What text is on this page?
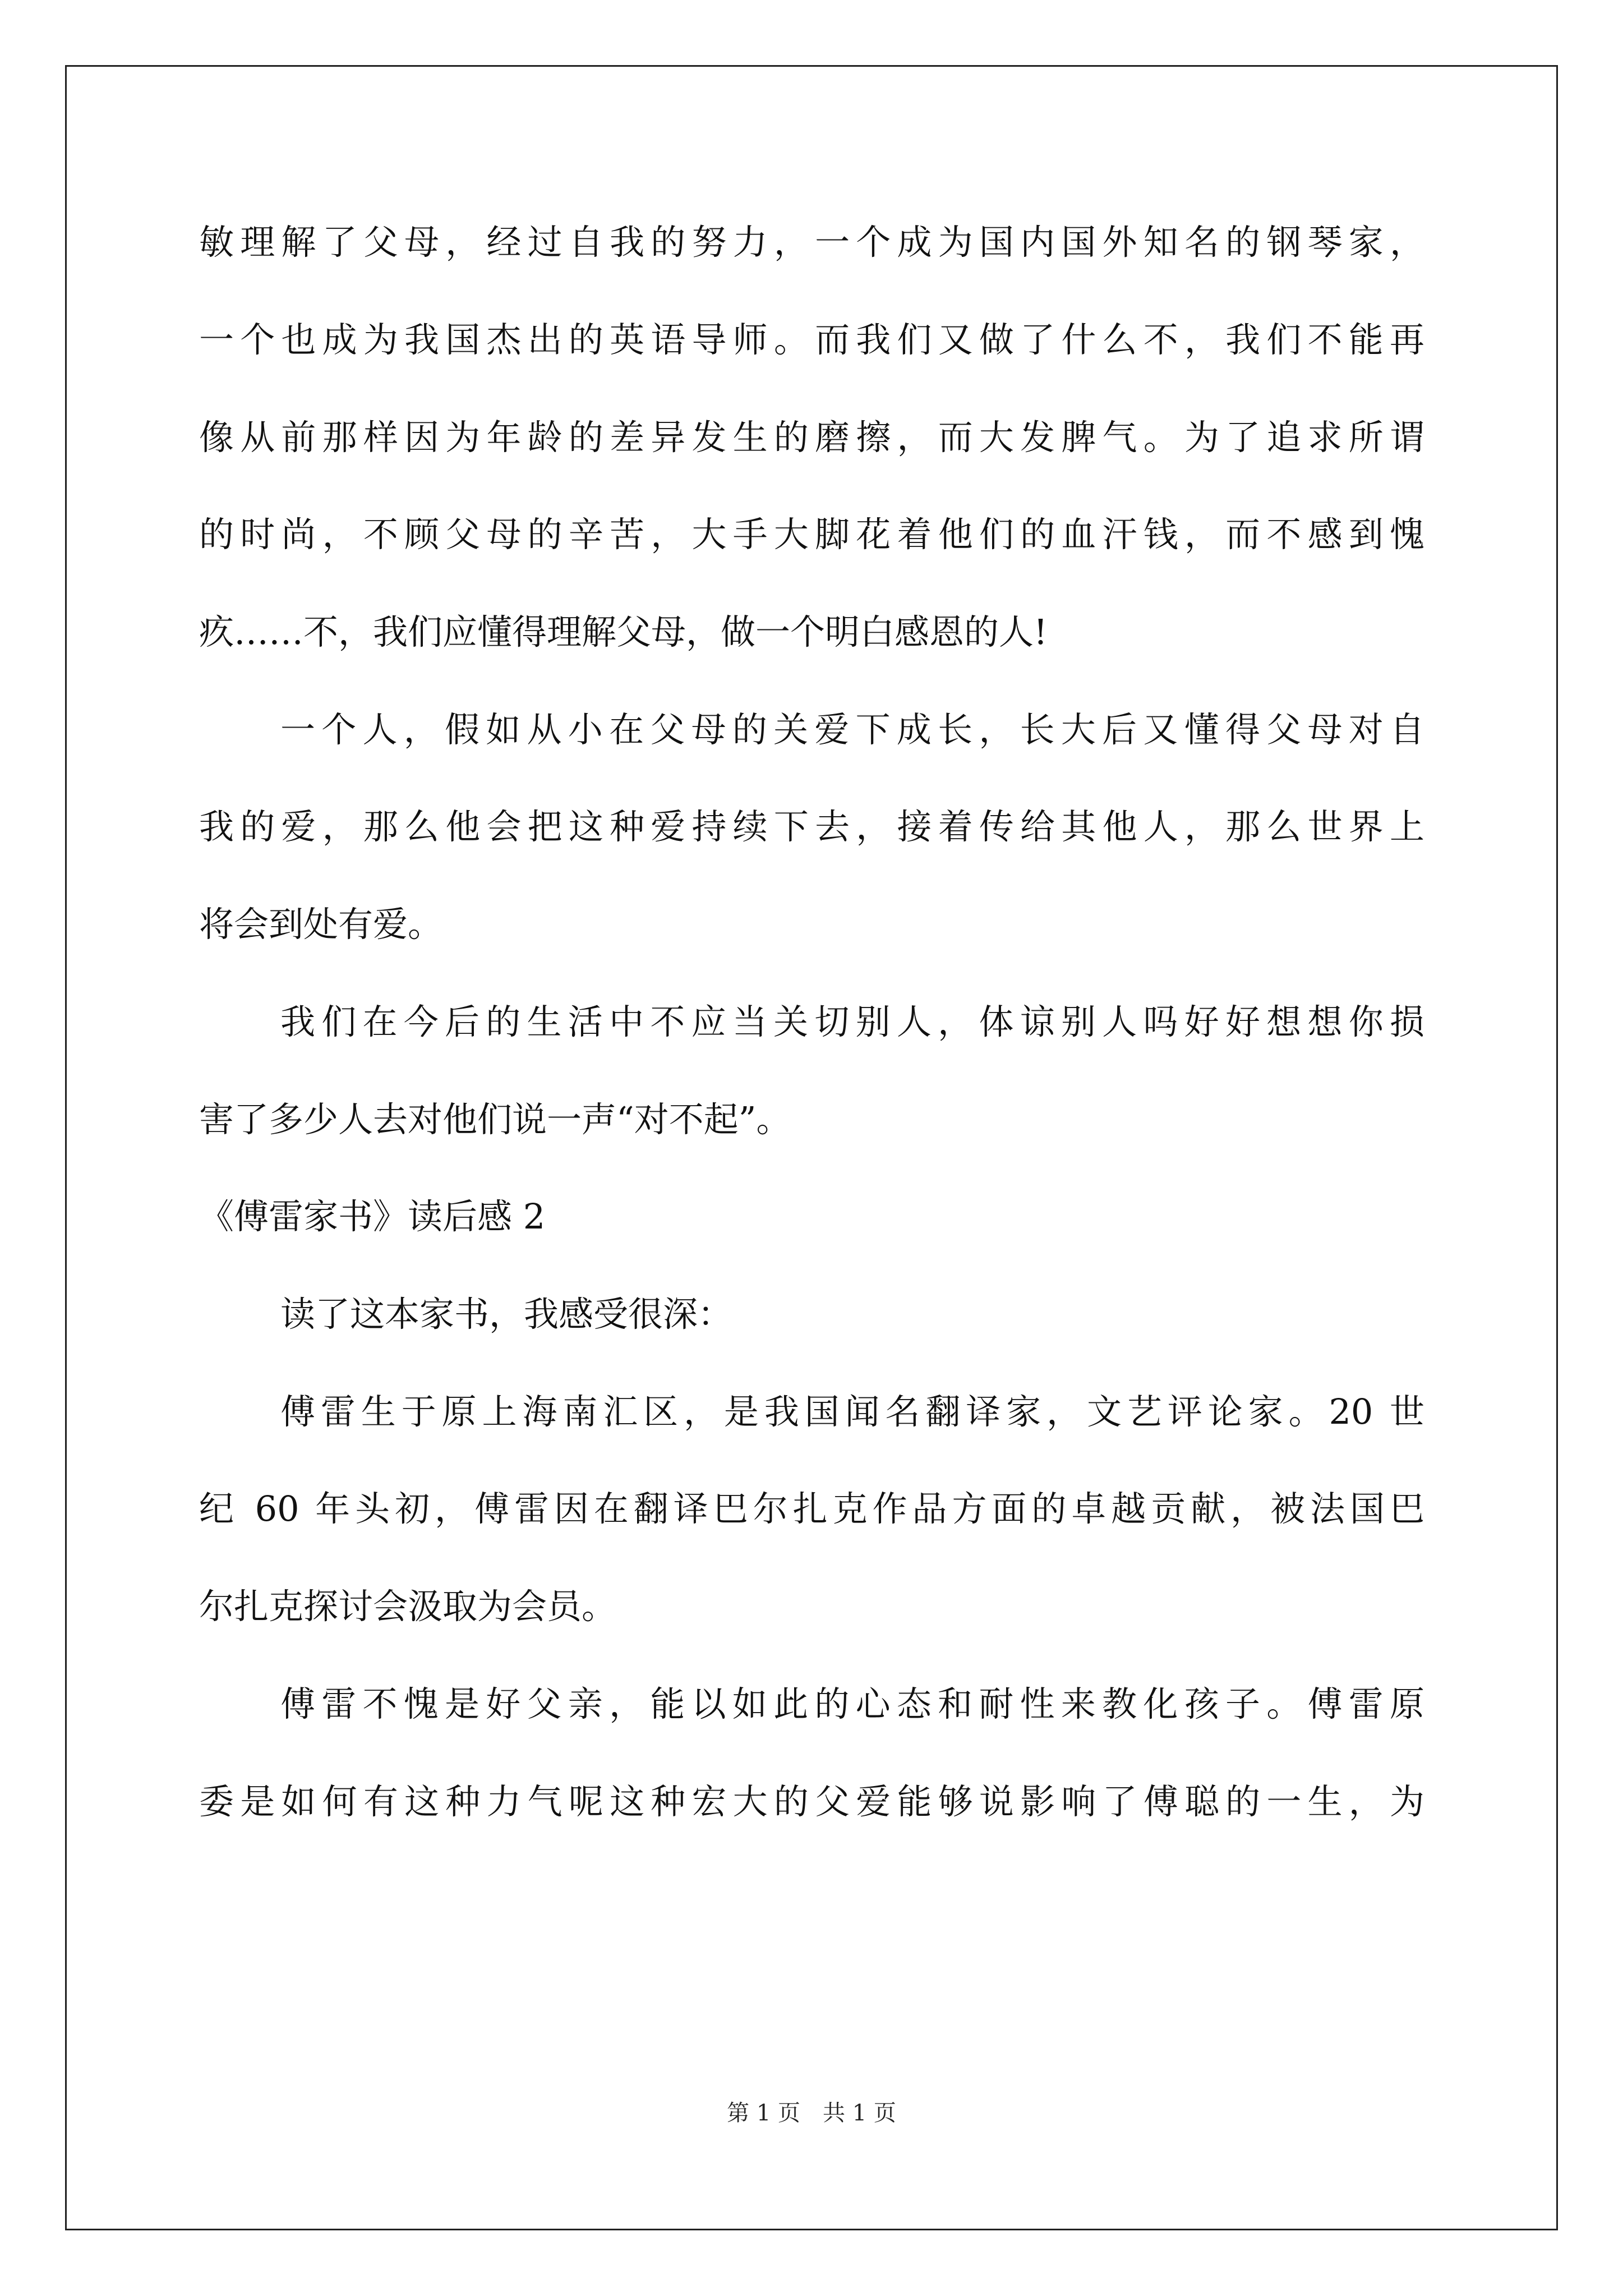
敏理解了父母，经过自我的努力，一个成为国内国外知名的钢琴家，
一个也成为我国杰出的英语导师。而我们又做了什么不，我们不能再
像从前那样因为年龄的差异发生的磨擦，而大发脾气。为了追求所谓
的时尚，不顾父母的辛苦，大手大脚花着他们的血汗钱，而不感到愧
疚……不，我们应懂得理解父母，做一个明白感恩的人!
一个人，假如从小在父母的关爱下成长，长大后又懂得父母对自
我的爱，那么他会把这种爱持续下去，接着传给其他人，那么世界上
将会到处有爱。
我们在今后的生活中不应当关切别人，体谅别人吗好好想想你损
害了多少人去对他们说一声“对不起”。
《傅雷家书》读后感 2
读了这本家书，我感受很深：
傅雷生于原上海南汇区，是我国闻名翻译家，文艺评论家。20 世
纪 60 年头初，傅雷因在翻译巴尔扎克作品方面的卓越贡献，被法国巴
尔扎克探讨会汲取为会员。
傅雷不愧是好父亲，能以如此的心态和耐性来教化孩子。傅雷原
委是如何有这种力气呢这种宏大的父爱能够说影响了傅聪的一生，为
第 1 页　共 1 页
